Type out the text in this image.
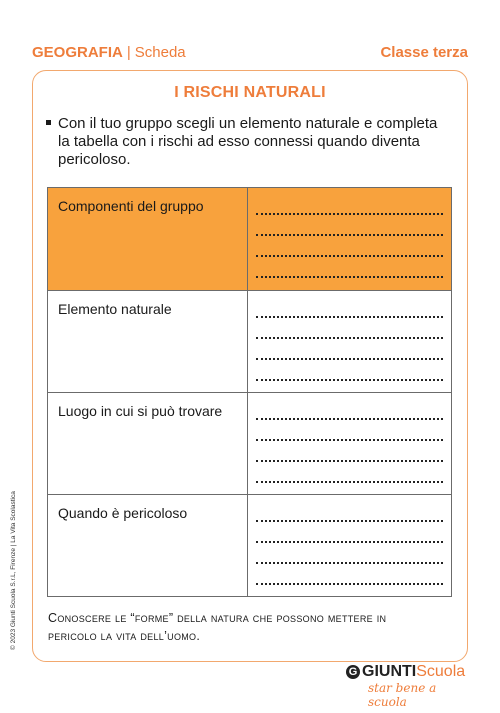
GEOGRAFIA | Scheda	Classe terza
I RISCHI NATURALI
Con il tuo gruppo scegli un elemento naturale e completa la tabella con i rischi ad esso connessi quando diventa pericoloso.
Componenti del gruppo	

Elemento naturale	

Luogo in cui si può trovare	

Quando è pericoloso	
Conoscere le “forme” della natura che possono mettere in pericolo la vita dell’uomo.
© 2023 Giunti Scuola S.r.L, Firenze | La Vita Scolastica
G GIUNTIScuola
star bene a scuola
